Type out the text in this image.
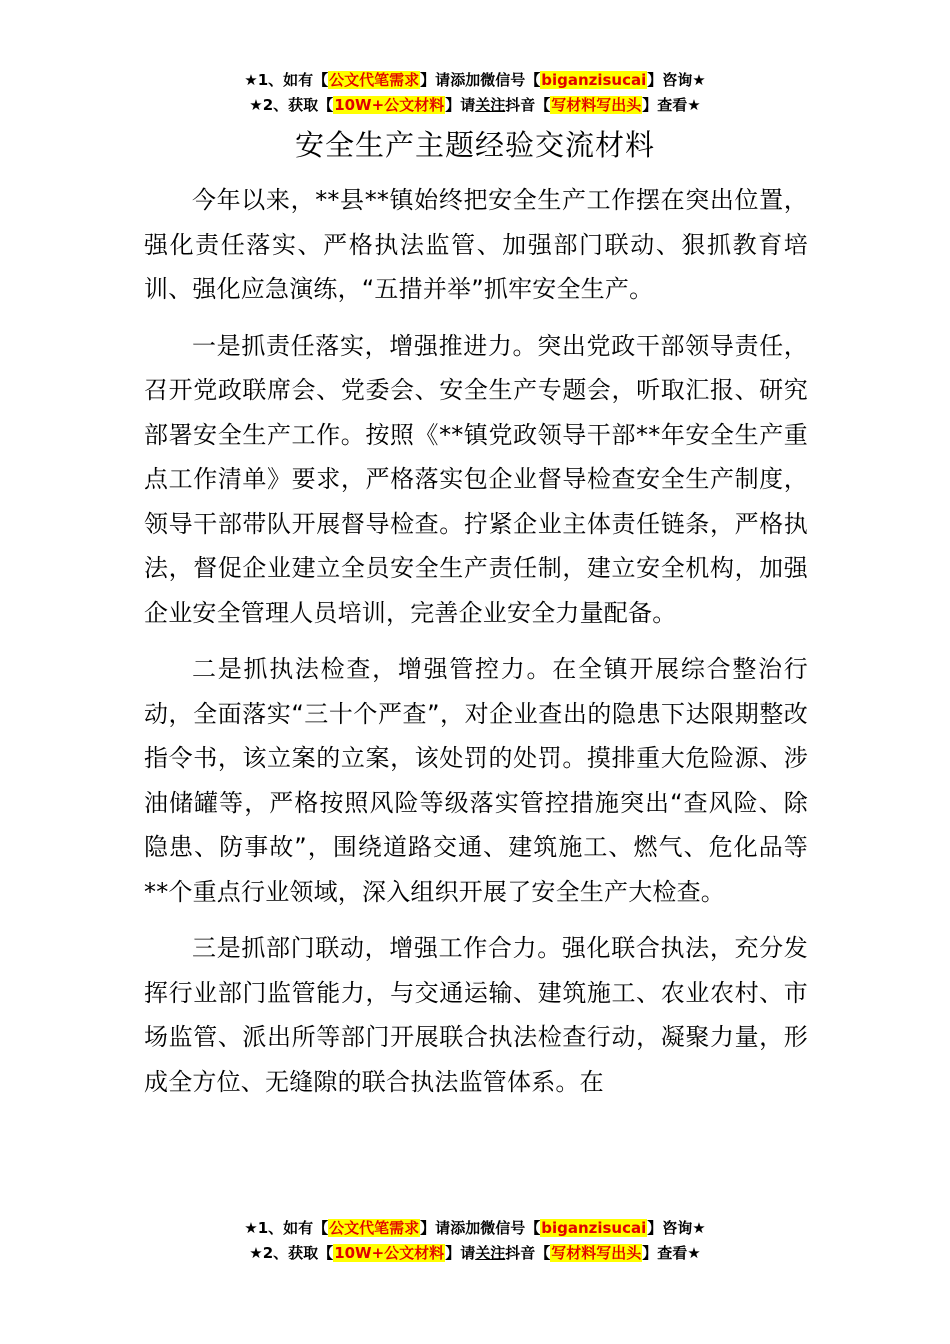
★1、如有【公文代笔需求】请添加微信号【biganzisucai】咨询★
★2、获取【10W+公文材料】请关注抖音【写材料写出头】查看★
安全生产主题经验交流材料

今年以来，**县**镇始终把安全生产工作摆在突出位置，强化责任落实、严格执法监管、加强部门联动、狠抓教育培训、强化应急演练，“五措并举”抓牢安全生产。

一是抓责任落实，增强推进力。突出党政干部领导责任，召开党政联席会、党委会、安全生产专题会，听取汇报、研究部署安全生产工作。按照《**镇党政领导干部**年安全生产重点工作清单》要求，严格落实包企业督导检查安全生产制度，领导干部带队开展督导检查。拧紧企业主体责任链条，严格执法，督促企业建立全员安全生产责任制，建立安全机构，加强企业安全管理人员培训，完善企业安全力量配备。

二是抓执法检查，增强管控力。在全镇开展综合整治行动，全面落实“三十个严查”，对企业查出的隐患下达限期整改指令书，该立案的立案，该处罚的处罚。摸排重大危险源、涉油储罐等，严格按照风险等级落实管控措施突出“查风险、除隐患、防事故”，围绕道路交通、建筑施工、燃气、危化品等**个重点行业领域，深入组织开展了安全生产大检查。

三是抓部门联动，增强工作合力。强化联合执法，充分发挥行业部门监管能力，与交通运输、建筑施工、农业农村、市场监管、派出所等部门开展联合执法检查行动，凝聚力量，形成全方位、无缝隙的联合执法监管体系。在

★1、如有【公文代笔需求】请添加微信号【biganzisucai】咨询★
★2、获取【10W+公文材料】请关注抖音【写材料写出头】查看★
